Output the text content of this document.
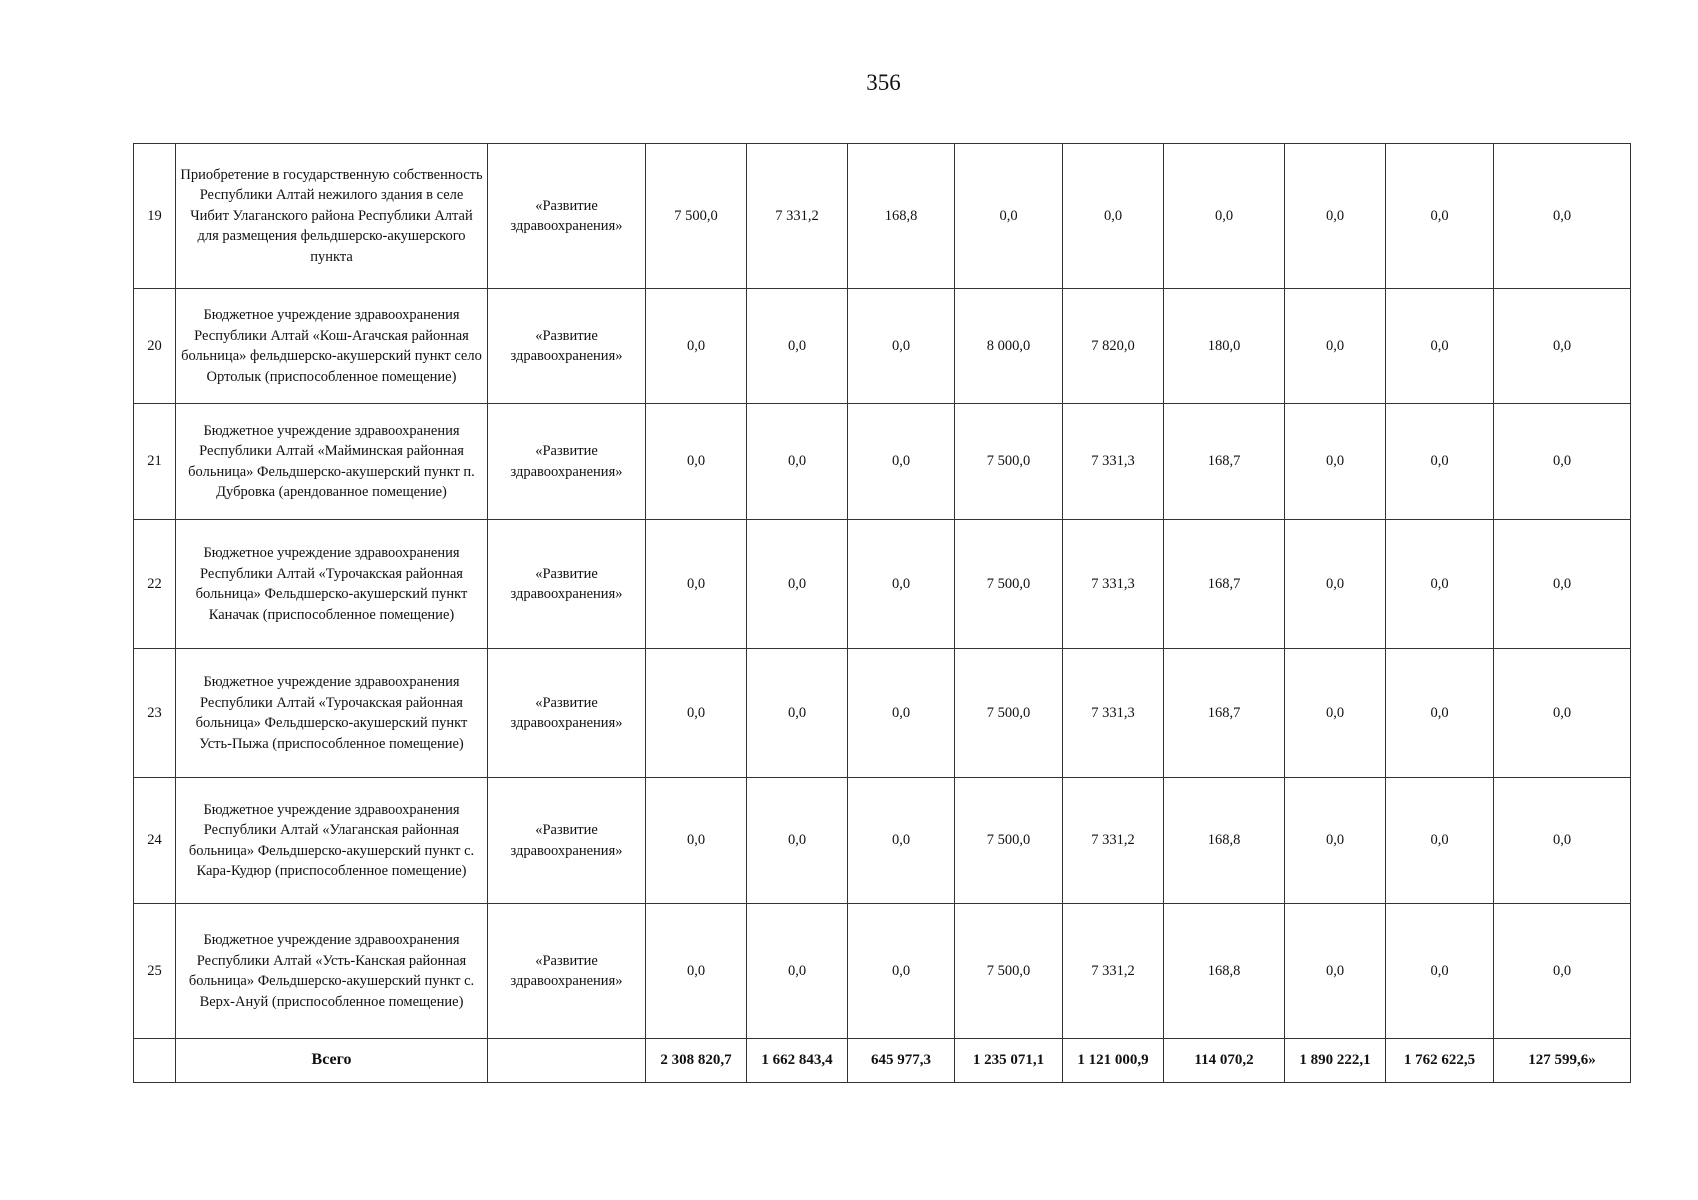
356
19	Приобретение в государственную собственность Республики Алтай нежилого здания в селе Чибит Улаганского района Республики Алтай для размещения фельдшерско-акушерского пункта	«Развитие здравоохранения»	7 500,0	7 331,2	168,8	0,0	0,0	0,0	0,0	0,0	0,0
20	Бюджетное учреждение здравоохранения Республики Алтай «Кош-Агачская районная больница» фельдшерско-акушерский пункт село Ортолык (приспособленное помещение)	«Развитие здравоохранения»	0,0	0,0	0,0	8 000,0	7 820,0	180,0	0,0	0,0	0,0
21	Бюджетное учреждение здравоохранения Республики Алтай «Майминская районная больница» Фельдшерско-акушерский пункт п. Дубровка (арендованное помещение)	«Развитие здравоохранения»	0,0	0,0	0,0	7 500,0	7 331,3	168,7	0,0	0,0	0,0
22	Бюджетное учреждение здравоохранения Республики Алтай «Турочакская районная больница» Фельдшерско-акушерский пункт Каначак (приспособленное помещение)	«Развитие здравоохранения»	0,0	0,0	0,0	7 500,0	7 331,3	168,7	0,0	0,0	0,0
23	Бюджетное учреждение здравоохранения Республики Алтай «Турочакская районная больница» Фельдшерско-акушерский пункт Усть-Пыжа (приспособленное помещение)	«Развитие здравоохранения»	0,0	0,0	0,0	7 500,0	7 331,3	168,7	0,0	0,0	0,0
24	Бюджетное учреждение здравоохранения Республики Алтай «Улаганская районная больница» Фельдшерско-акушерский пункт с. Кара-Кудюр (приспособленное помещение)	«Развитие здравоохранения»	0,0	0,0	0,0	7 500,0	7 331,2	168,8	0,0	0,0	0,0
25	Бюджетное учреждение здравоохранения Республики Алтай «Усть-Канская районная больница» Фельдшерско-акушерский пункт с. Верх-Ануй (приспособленное помещение)	«Развитие здравоохранения»	0,0	0,0	0,0	7 500,0	7 331,2	168,8	0,0	0,0	0,0
	Всего		2 308 820,7	1 662 843,4	645 977,3	1 235 071,1	1 121 000,9	114 070,2	1 890 222,1	1 762 622,5	127 599,6»
